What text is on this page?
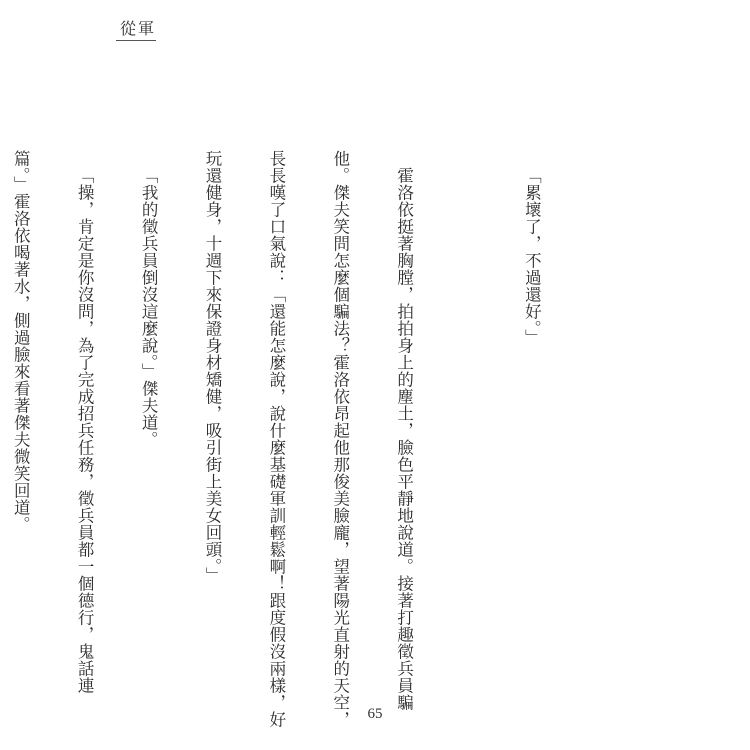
從軍

「累壞了，不過還好。」

霍洛依挺著胸膛，拍拍身上的塵土，臉色平靜地說道。接著打趣徵兵員騙

他。傑夫笑問怎麼個騙法？霍洛依昂起他那俊美臉龐，望著陽光直射的天空，

長長嘆了口氣說：「還能怎麼說，說什麼基礎軍訓輕鬆啊！跟度假沒兩樣，好

玩還健身，十週下來保證身材矯健，吸引街上美女回頭。」

「我的徵兵員倒沒這麼說。」傑夫道。

「操，肯定是你沒問，為了完成招兵任務，徵兵員都一個德行，鬼話連

篇。」霍洛依喝著水，側過臉來看著傑夫微笑回道。

65
